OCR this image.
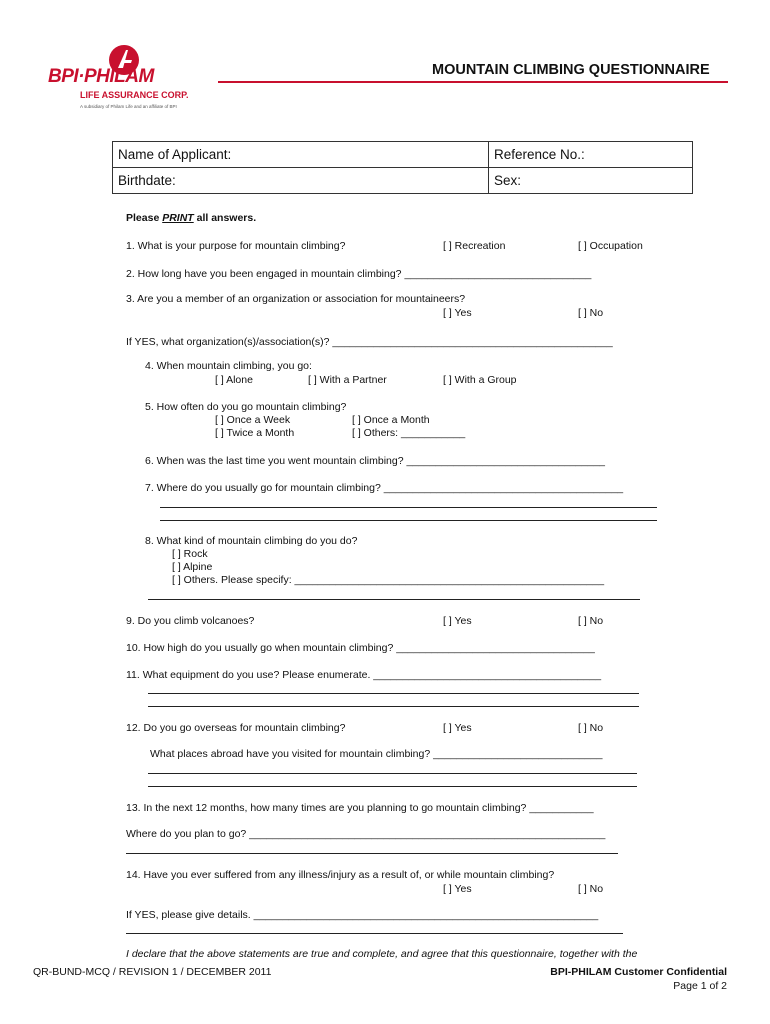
BPI·PHILAM
LIFE ASSURANCE CORP.
A subsidiary of Philam Life and an affiliate of BPI
MOUNTAIN CLIMBING QUESTIONNAIRE
Name of Applicant:	Reference No.:
Birthdate:	Sex:
Please PRINT all answers.
1. What is your purpose for mountain climbing?	[ ] Recreation	[ ] Occupation
2. How long have you been engaged in mountain climbing? ________________________________
3. Are you a member of an organization or association for mountaineers?
[ ] Yes	[ ] No
If YES, what organization(s)/association(s)? ________________________________________________
4. When mountain climbing, you go:
[ ] Alone	[ ] With a Partner	[ ] With a Group
5. How often do you go mountain climbing?
[ ] Once a Week	[ ] Once a Month
[ ] Twice a Month	[ ] Others: ___________
6. When was the last time you went mountain climbing? __________________________________
7. Where do you usually go for mountain climbing? _________________________________________
8. What kind of mountain climbing do you do?
[ ] Rock
[ ] Alpine
[ ] Others. Please specify: _____________________________________________________
9. Do you climb volcanoes?	[ ] Yes	[ ] No
10. How high do you usually go when mountain climbing? __________________________________
11. What equipment do you use? Please enumerate. _______________________________________
12. Do you go overseas for mountain climbing?	[ ] Yes	[ ] No
What places abroad have you visited for mountain climbing? _____________________________
13. In the next 12 months, how many times are you planning to go mountain climbing? ___________
Where do you plan to go? _____________________________________________________________
14. Have you ever suffered from any illness/injury as a result of, or while mountain climbing?
[ ] Yes	[ ] No
If YES, please give details. ___________________________________________________________
I declare that the above statements are true and complete, and agree that this questionnaire, together with the
QR-BUND-MCQ / REVISION 1 / DECEMBER 2011	BPI-PHILAM Customer Confidential
Page 1 of 2
